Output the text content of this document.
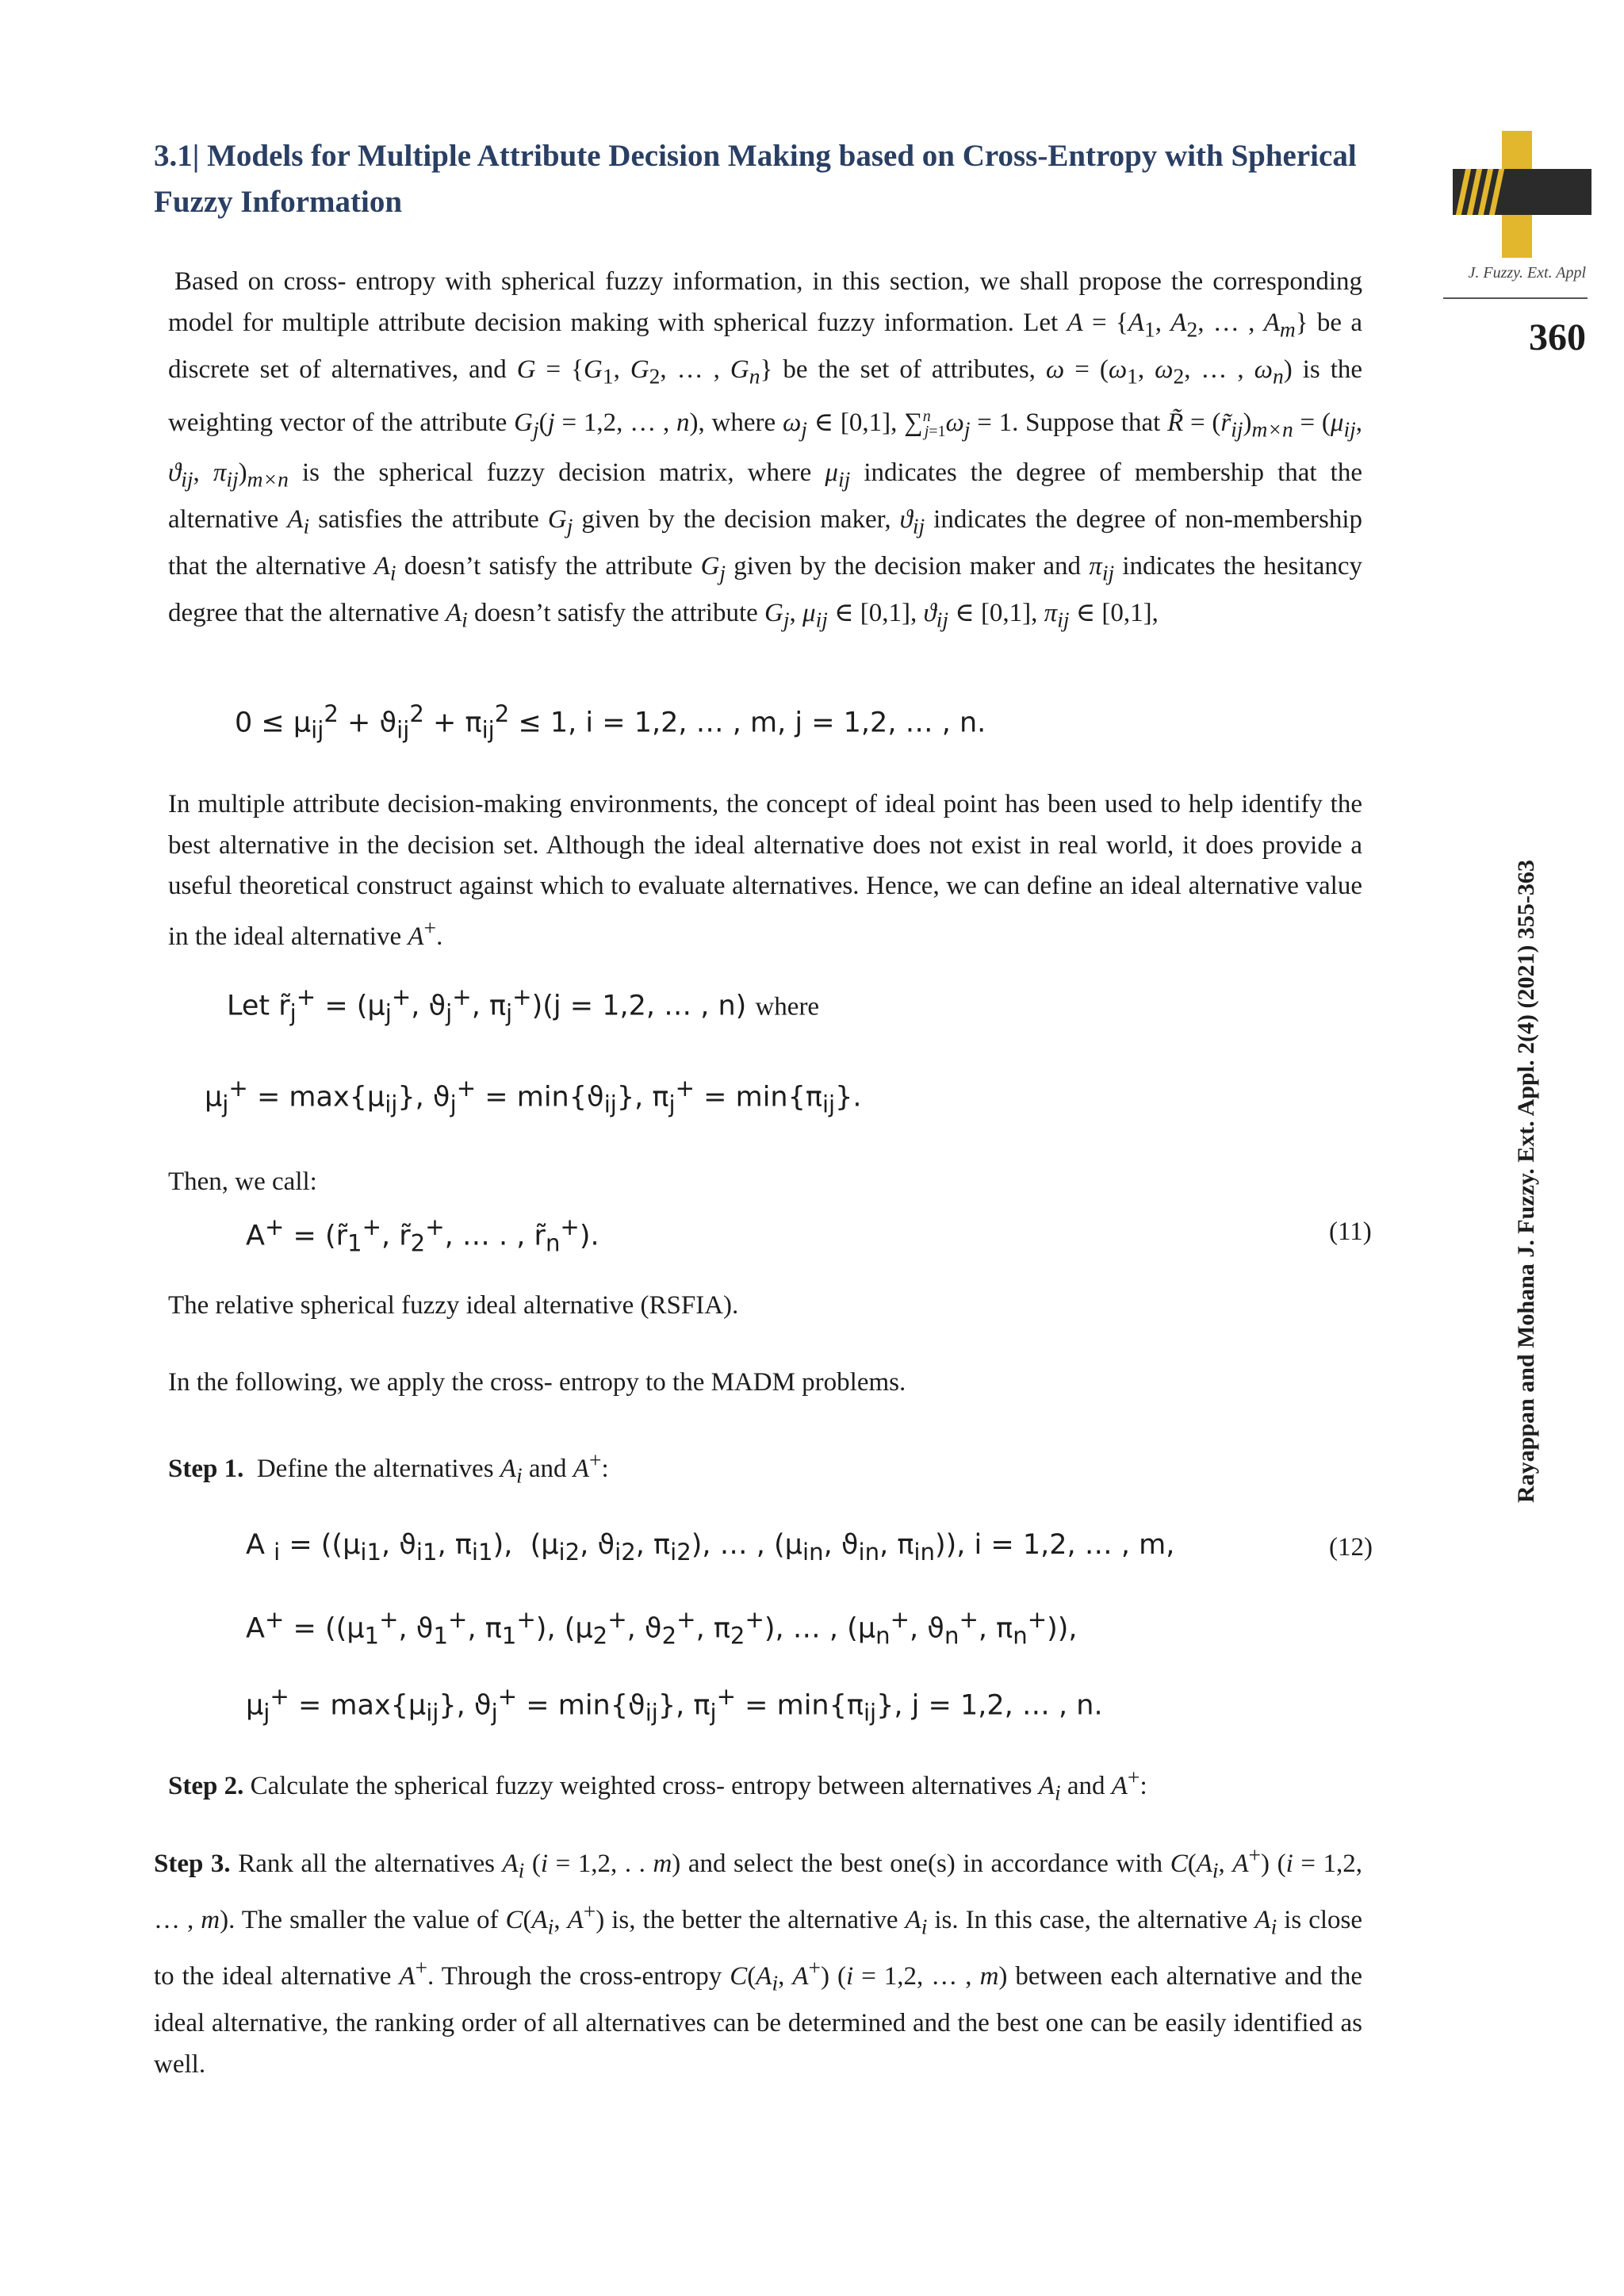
3.1| Models for Multiple Attribute Decision Making based on Cross-Entropy with Spherical Fuzzy Information
J. Fuzzy. Ext. Appl
360
Rayappan and Mohana J. Fuzzy. Ext. Appl. 2(4) (2021) 355-363

Based on cross- entropy with spherical fuzzy information, in this section, we shall propose the corresponding model for multiple attribute decision making with spherical fuzzy information. Let $A = \{A_1$, $A_2$, … , $A_m$} be a discrete set of alternatives, and $G = \{G_1$, $G_2$, … , $G_n$} be the set of attributes, $\omega = (\omega_1$, $\omega_2$, … , $\omega_n$) is the weighting vector of the attribute $G_j(j = 1,2$, … , n), where $\omega_j$ ∈ [0,1], $\sum^n_{j=1}\omega_j = 1$. Suppose that R̃ = $(r̃_{ij})_{m\times n} = (\mu_{ij}$, $ϑ_{ij}$, $\pi_{ij})_{m\times n}$ is the spherical fuzzy decision matrix, where $\mu_{ij}$ indicates the degree of membership that the alternative $A_i$ satisfies the attribute $G_j$ given by the decision maker, $ϑ_{ij}$ indicates the degree of non-membership that the alternative $A_i$ doesn’t satisfy the attribute $G_j$ given by the decision maker and $\pi_{ij}$ indicates the hesitancy degree that the alternative $A_i$ doesn’t satisfy the attribute $G_j$, $\mu_{ij}$ ∈ [0,1], $ϑ_{ij}$ ∈ [0,1], $\pi_{ij}$ ∈ [0,1],

$0 \le \mu_{ij}^2 + ϑ_{ij}^2 + \pi_{ij}^2 \le 1$, i = 1,2, … , m, j = 1,2, … , n.

In multiple attribute decision-making environments, the concept of ideal point has been used to help identify the best alternative in the decision set. Although the ideal alternative does not exist in real world, it does provide a useful theoretical construct against which to evaluate alternatives. Hence, we can define an ideal alternative value in the ideal alternative A+.

Let $r̃_j^+ = (\mu_j^+$, $ϑ_j^+$, $\pi_j^+)(j = 1,2$, … , n) where
$\mu_j^+ = \max\{\mu_{ij}\}$, $ϑ_j^+ = \min\{ϑ_{ij}\}$, $\pi_j^+ = \min\{\pi_{ij}\}$.
Then, we call:
$A^+ = (r̃_1^+$, $r̃_2^+$, … . , $r̃_n^+$).	(11)
The relative spherical fuzzy ideal alternative (RSFIA).
In the following, we apply the cross- entropy to the MADM problems.
Step 1. Define the alternatives $A_i$ and A+:
A $_i = ((\mu_{i1}$, $ϑ_{i1}$, $\pi_{i1}$),  ($\mu_{i2}$, $ϑ_{i2}$, $\pi_{i2}$), … , ($\mu_{in}$, $ϑ_{in}$, $\pi_{in}$)), i = 1,2, … , m,	(12)
$A^+ = ((\mu_1^+$, $ϑ_1^+$, $\pi_1^+$), ($\mu_2^+$, $ϑ_2^+$, $\pi_2^+$), … , ($\mu_n^+$, $ϑ_n^+$, $\pi_n^+$)),
$\mu_j^+ = \max\{\mu_{ij}\}$, $ϑ_j^+ = \min\{ϑ_{ij}\}$, $\pi_j^+ = \min\{\pi_{ij}\}$, j = 1,2, … , n.
Step 2. Calculate the spherical fuzzy weighted cross- entropy between alternatives $A_i$ and A+:

Step 3. Rank all the alternatives $A_i$ (i = 1,2, . . m) and select the best one(s) in accordance with $C(A_i$, A+) (i = 1,2, … , m). The smaller the value of $C(A_i$, A+) is, the better the alternative $A_i$ is. In this case, the alternative $A_i$ is close to the ideal alternative A+. Through the cross-entropy $C(A_i$, A+) (i = 1,2, … , m) between each alternative and the ideal alternative, the ranking order of all alternatives can be determined and the best one can be easily identified as well.
